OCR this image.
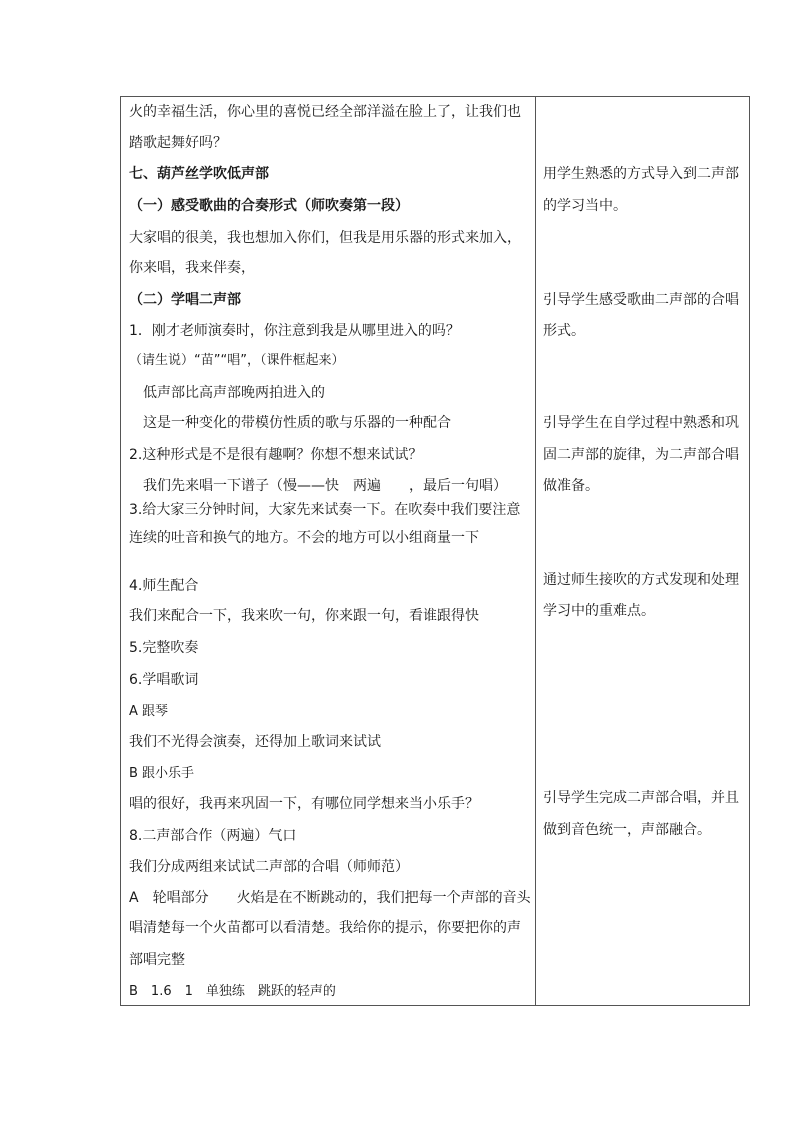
火的幸福生活，你心里的喜悦已经全部洋溢在脸上了，让我们也
踏歌起舞好吗？
七、葫芦丝学吹低声部
（一）感受歌曲的合奏形式（师吹奏第一段）
大家唱的很美，我也想加入你们，但我是用乐器的形式来加入，
你来唱，我来伴奏，
（二）学唱二声部
1．刚才老师演奏时，你注意到我是从哪里进入的吗？
（请生说）“苗”“唱”，（课件框起来）
低声部比高声部晚两拍进入的
这是一种变化的带模仿性质的歌与乐器的一种配合
2.这种形式是不是很有趣啊？你想不想来试试？
我们先来唱一下谱子（慢——快　两遍　　，最后一句唱）
3.给大家三分钟时间，大家先来试奏一下。在吹奏中我们要注意
连续的吐音和换气的地方。不会的地方可以小组商量一下
4.师生配合
我们来配合一下，我来吹一句，你来跟一句，看谁跟得快
5.完整吹奏
6.学唱歌词
A 跟琴
我们不光得会演奏，还得加上歌词来试试
B 跟小乐手
唱的很好，我再来巩固一下，有哪位同学想来当小乐手？
8.二声部合作（两遍）气口
我们分成两组来试试二声部的合唱（师师范）
A　轮唱部分　　火焰是在不断跳动的，我们把每一个声部的音头
唱清楚每一个火苗都可以看清楚。我给你的提示，你要把你的声
部唱完整
B　1.6　1　单独练　跳跃的轻声的
用学生熟悉的方式导入到二声部
的学习当中。
引导学生感受歌曲二声部的合唱
形式。
引导学生在自学过程中熟悉和巩
固二声部的旋律，为二声部合唱
做准备。
通过师生接吹的方式发现和处理
学习中的重难点。
引导学生完成二声部合唱，并且
做到音色统一，声部融合。
